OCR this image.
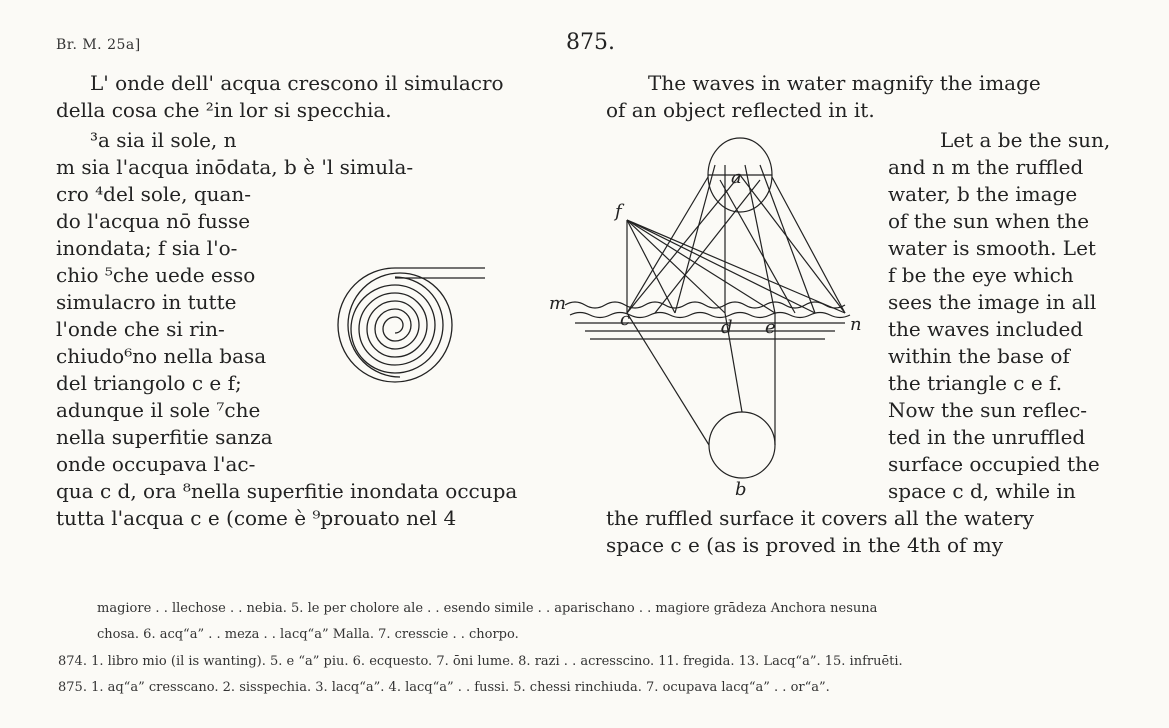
Br. M. 25a]	875.
L' onde dell' acqua crescono il simulacro
della cosa che ²in lor si specchia.
³a sia il sole, n
m sia l'acqua inōdata, b è 'l simula-
cro ⁴del sole, quan-
do l'acqua nō fusse
inondata; f sia l'o-
chio ⁵che uede esso
simulacro in tutte
l'onde che si rin-
chiudo⁶no nella basa
del triangolo c e f;
adunque il sole ⁷che
nella superfitie sanza
onde occupava l'ac-
qua c d, ora ⁸nella superfitie inondata occupa
tutta l'acqua c e (come è ⁹prouato nel 4
The waves in water magnify the image
of an object reflected in it.
Let a be the sun,
and n m the ruffled
water, b the image
of the sun when the
water is smooth. Let
f be the eye which
sees the image in all
the waves included
within the base of
the triangle c e f.
Now the sun reflec-
ted in the unruffled
surface occupied the
space c d, while in
the ruffled surface it covers all the watery
space c e (as is proved in the 4th of my
a
f
m
n
c	d e
b
magiore . . llechose . . nebia. 5. le per cholore ale . . esendo simile . . aparischano . . magiore grādeza Anchora nesuna
chosa. 6. acq“a” . . meza . . lacq“a” Malla. 7. cresscie . . chorpo.
874. 1. libro mio (il is wanting). 5. e “a” piu. 6. ecquesto. 7. ōni lume. 8. razi . . acresscino. 11. fregida. 13. Lacq“a”. 15. infruēti.
875. 1. aq“a” cresscano. 2. sisspechia. 3. lacq“a”. 4. lacq“a” . . fussi. 5. chessi rinchiuda. 7. ocupava lacq“a” . . or“a”.
